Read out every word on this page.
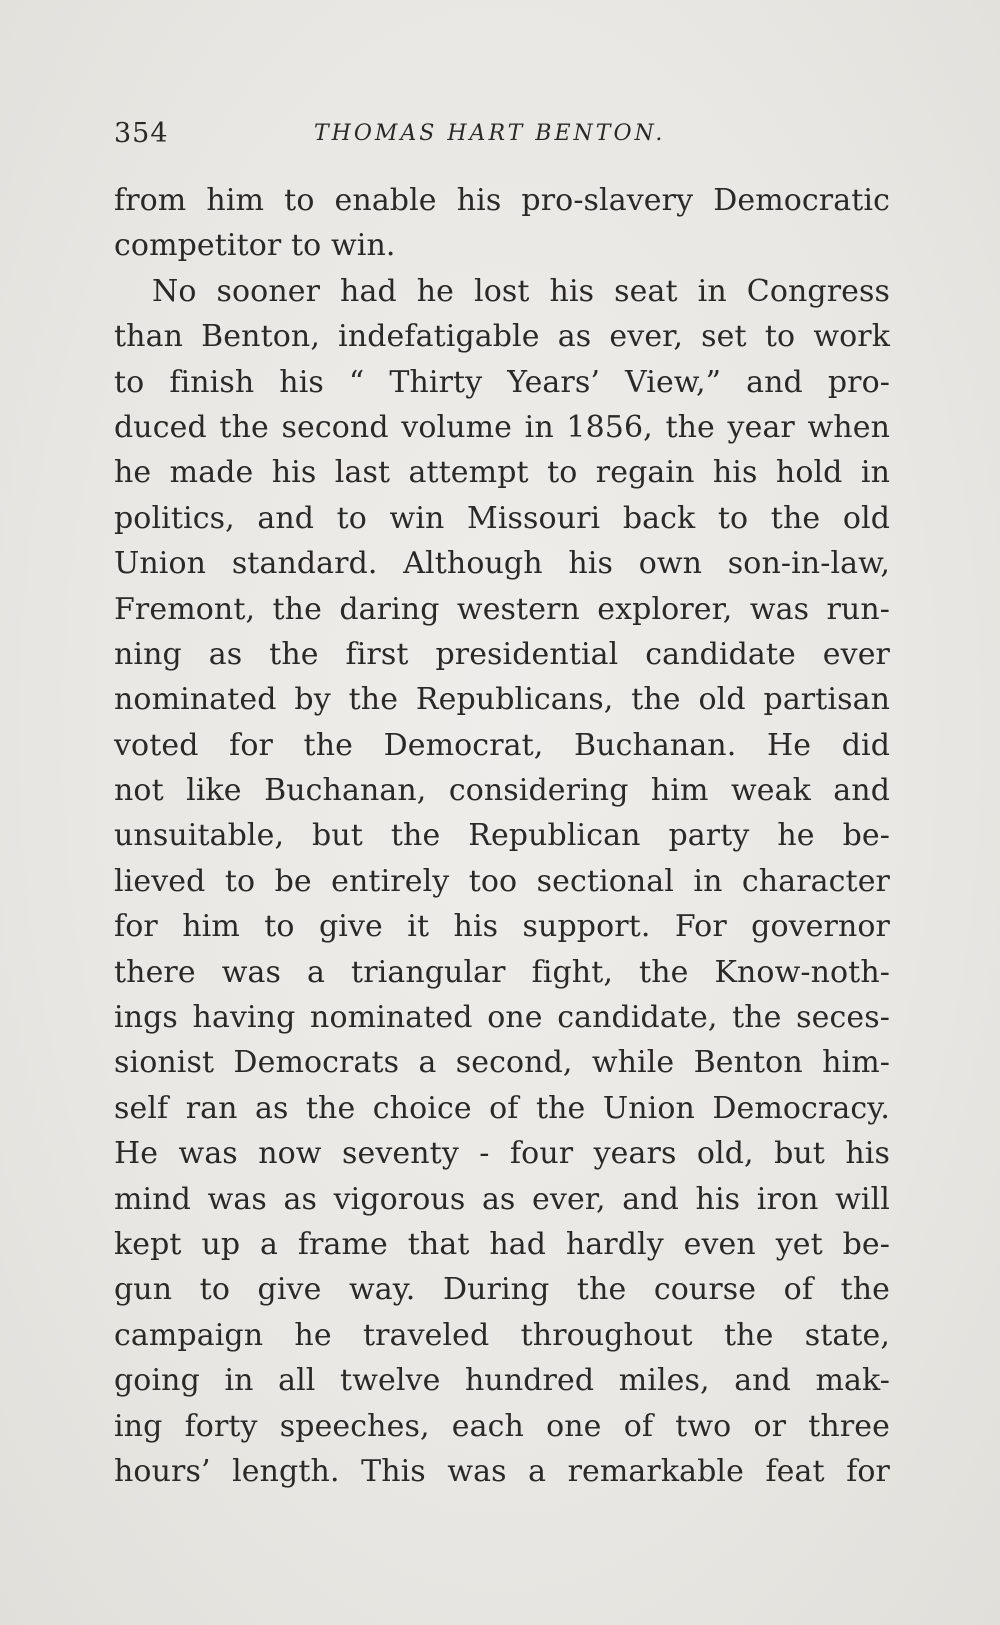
354	THOMAS HART BENTON.
from him to enable his pro-slavery Democratic
competitor to win.
No sooner had he lost his seat in Congress
than Benton, indefatigable as ever, set to work
to finish his “ Thirty Years’ View,” and pro-
duced the second volume in 1856, the year when
he made his last attempt to regain his hold in
politics, and to win Missouri back to the old
Union standard. Although his own son-in-law,
Fremont, the daring western explorer, was run-
ning as the first presidential candidate ever
nominated by the Republicans, the old partisan
voted for the Democrat, Buchanan. He did
not like Buchanan, considering him weak and
unsuitable, but the Republican party he be-
lieved to be entirely too sectional in character
for him to give it his support. For governor
there was a triangular fight, the Know-noth-
ings having nominated one candidate, the seces-
sionist Democrats a second, while Benton him-
self ran as the choice of the Union Democracy.
He was now seventy - four years old, but his
mind was as vigorous as ever, and his iron will
kept up a frame that had hardly even yet be-
gun to give way. During the course of the
campaign he traveled throughout the state,
going in all twelve hundred miles, and mak-
ing forty speeches, each one of two or three
hours’ length. This was a remarkable feat for
